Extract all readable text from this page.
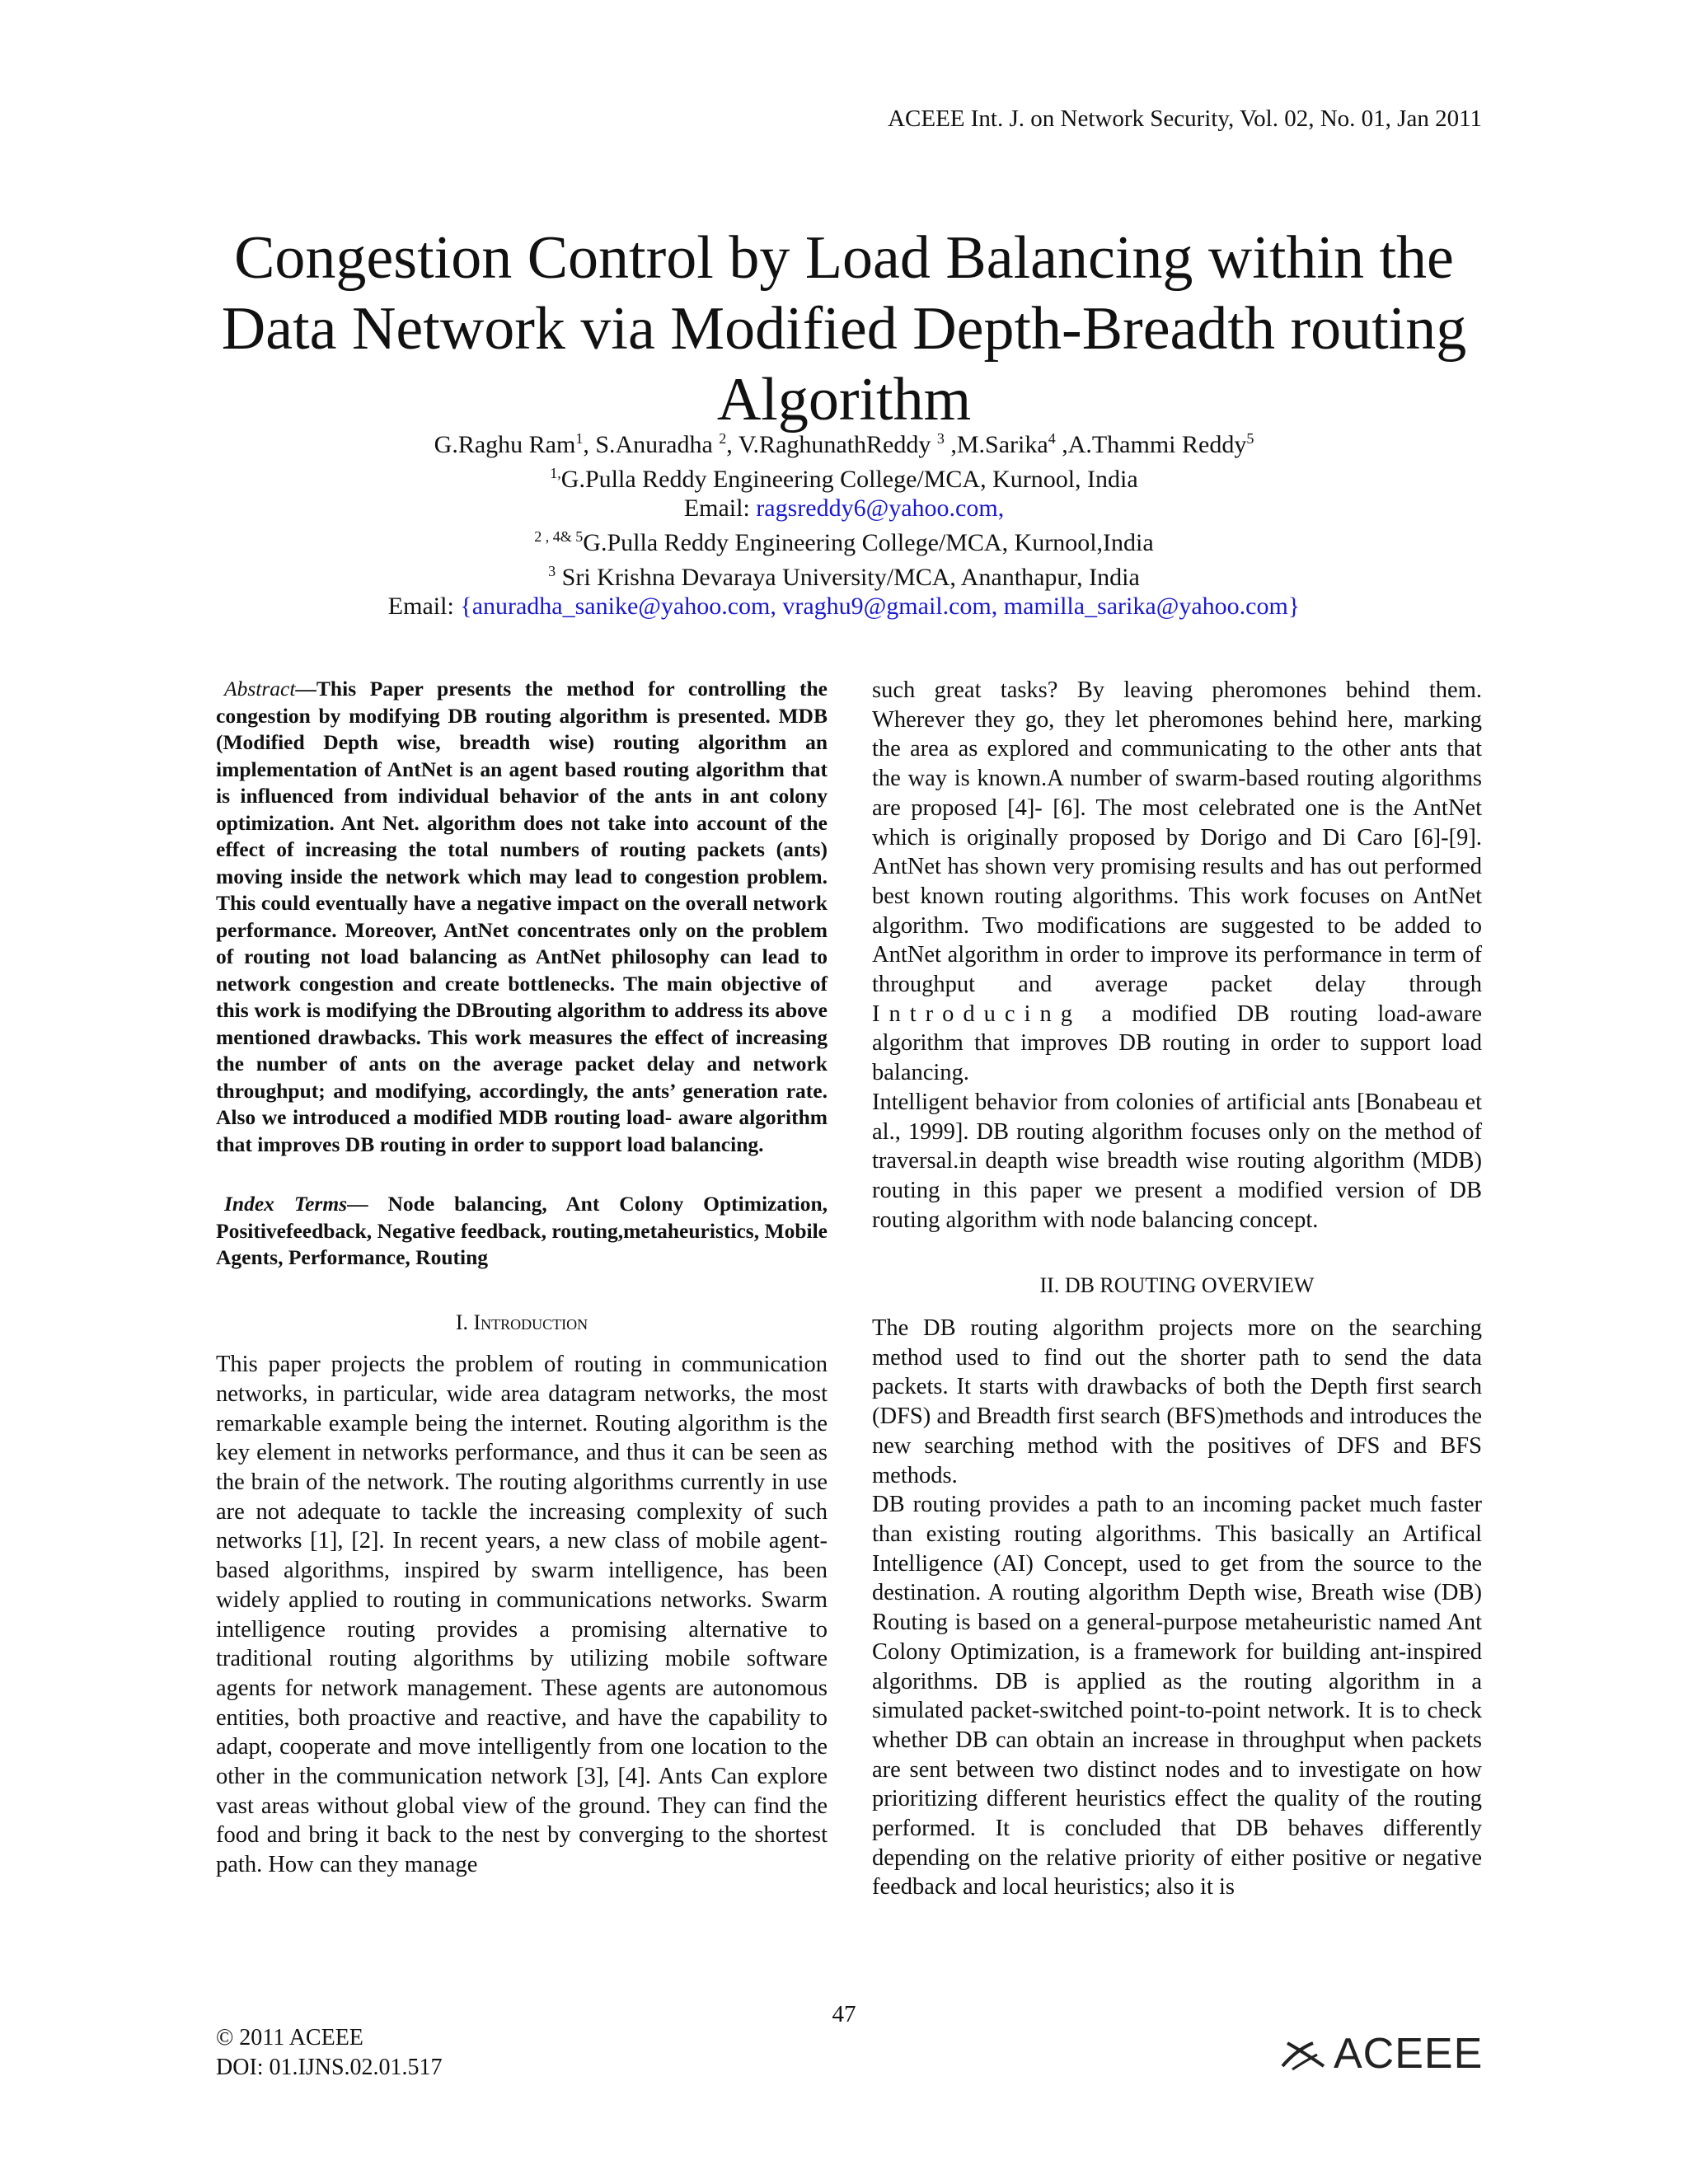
ACEEE Int. J. on Network Security, Vol. 02, No. 01, Jan 2011
Congestion Control by Load Balancing within the
Data Network via Modified Depth-Breadth routing
Algorithm
G.Raghu Ram$^1$, S.Anuradha $^2$, V.RaghunathReddy $^3$ ,M.Sarika$^4$ ,A.Thammi Reddy$^5$
$^{1,}$G.Pulla Reddy Engineering College/MCA, Kurnool, India
Email: ragsreddy6@yahoo.com,
$^{2 , 4\& 5}$G.Pulla Reddy Engineering College/MCA, Kurnool,India
$^3$ Sri Krishna Devaraya University/MCA, Ananthapur, India
Email: {anuradha_sanike@yahoo.com, vraghu9@gmail.com, mamilla_sarika@yahoo.com}

Abstract—This Paper presents the method for controlling the congestion by modifying DB routing algorithm is presented. MDB (Modified Depth wise, breadth wise) routing algorithm an implementation of AntNet is an agent based routing algorithm that is influenced from individual behavior of the ants in ant colony optimization. Ant Net. algorithm does not take into account of the effect of increasing the total numbers of routing packets (ants) moving inside the network which may lead to congestion problem. This could eventually have a negative impact on the overall network performance. Moreover, AntNet concentrates only on the problem of routing not load balancing as AntNet philosophy can lead to network congestion and create bottlenecks. The main objective of this work is modifying the DBrouting algorithm to address its above mentioned drawbacks. This work measures the effect of increasing the number of ants on the average packet delay and network throughput; and modifying, accordingly, the ants’ generation rate. Also we introduced a modified MDB routing load- aware algorithm that improves DB routing in order to support load balancing.

Index Terms— Node balancing, Ant Colony Optimization, Positivefeedback, Negative feedback, routing,metaheuristics, Mobile Agents, Performance, Routing

I. Introduction

This paper projects the problem of routing in communication networks, in particular, wide area datagram networks, the most remarkable example being the internet. Routing algorithm is the key element in networks performance, and thus it can be seen as the brain of the network. The routing algorithms currently in use are not adequate to tackle the increasing complexity of such networks [1], [2]. In recent years, a new class of mobile agent-based algorithms, inspired by swarm intelligence, has been widely applied to routing in communications networks. Swarm intelligence routing provides a promising alternative to traditional routing algorithms by utilizing mobile software agents for network management. These agents are autonomous entities, both proactive and reactive, and have the capability to adapt, cooperate and move intelligently from one location to the other in the communication network [3], [4]. Ants Can explore vast areas without global view of the ground. They can find the food and bring it back to the nest by converging to the shortest path. How can they manage

such great tasks? By leaving pheromones behind them. Wherever they go, they let pheromones behind here, marking the area as explored and communicating to the other ants that the way is known.A number of swarm-based routing algorithms are proposed [4]- [6]. The most celebrated one is the AntNet which is originally proposed by Dorigo and Di Caro [6]-[9]. AntNet has shown very promising results and has out performed best known routing algorithms. This work focuses on AntNet algorithm. Two modifications are suggested to be added to AntNet algorithm in order to improve its performance in term of throughput and average packet delay through Introducing a modified DB routing load-aware algorithm that improves DB routing in order to support load balancing.

Intelligent behavior from colonies of artificial ants [Bonabeau et al., 1999]. DB routing algorithm focuses only on the method of traversal.in deapth wise breadth wise routing algorithm (MDB) routing in this paper we present a modified version of DB routing algorithm with node balancing concept.

II. DB ROUTING OVERVIEW

The DB routing algorithm projects more on the searching method used to find out the shorter path to send the data packets. It starts with drawbacks of both the Depth first search (DFS) and Breadth first search (BFS)methods and introduces the new searching method with the positives of DFS and BFS methods.

DB routing provides a path to an incoming packet much faster than existing routing algorithms. This basically an Artifical Intelligence (AI) Concept, used to get from the source to the destination. A routing algorithm Depth wise, Breath wise (DB) Routing is based on a general-purpose metaheuristic named Ant Colony Optimization, is a framework for building ant-inspired algorithms. DB is applied as the routing algorithm in a simulated packet-switched point-to-point network. It is to check whether DB can obtain an increase in throughput when packets are sent between two distinct nodes and to investigate on how prioritizing different heuristics effect the quality of the routing performed. It is concluded that DB behaves differently depending on the relative priority of either positive or negative feedback and local heuristics; also it is

47
© 2011 ACEEE
DOI: 01.IJNS.02.01.517	ACEEE
